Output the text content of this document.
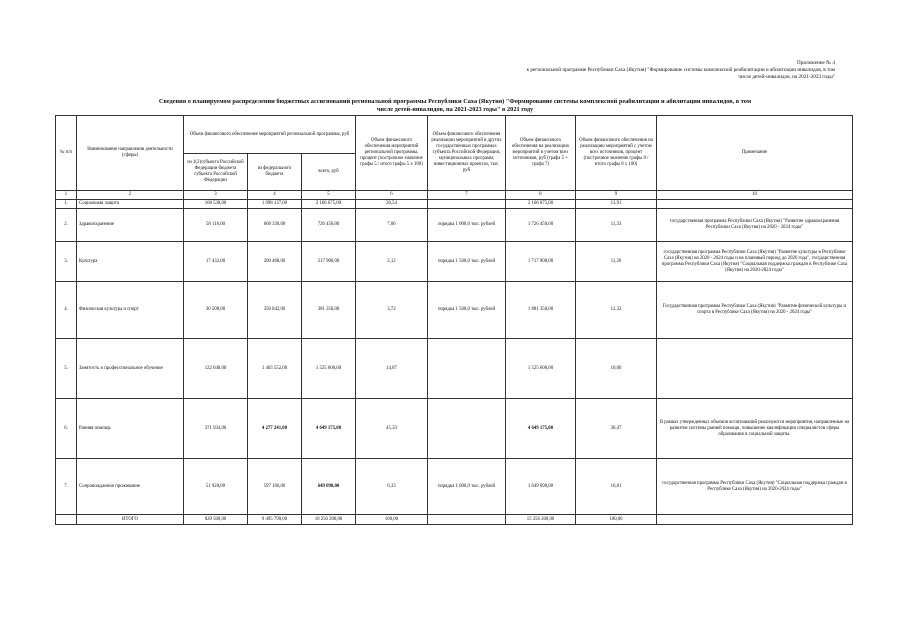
Приложение № 4
к региональной программе Республики Саха (Якутия) "Формирование системы комплексной реабилитации и абилитации инвалидов, в том числе детей-инвалидов, на 2021-2023 годы"
Сведения о планируемом распределении бюджетных ассигнований региональной программы Республики Саха (Якутия) "Формирование системы комплексной реабилитации и абилитации инвалидов, в том числе детей-инвалидов, на 2021-2023 годы" в 2021 году
№ п/п	Наименование направления деятельности (сферы)	Объем финансового обеспечения мероприятий региональной программы, руб			Объем финансового обеспечения мероприятий региональной программы, процент (построчное значение графы 5 / итого графы 5 x 100)	Объем финансового обеспечения реализации мероприятий в других государственных программах субъекта Российской Федерации, муниципальных программ, инвестиционных проектах, тыс. руб	Объем финансового обеспечения на реализацию мероприятий в учетом всех источников, руб (графа 5 + графа 7)	Объем финансового обеспечения на реализацию мероприятий с учетом всех источников, процент (построчное значение графы 8 / итого графы 8 x 100)	Примечание
		из 1(2)субъекта Российской Федерации бюджета субъекта Российской Федерации	из федерального бюджета	всего, руб					
1	2	3	4	5	6	7	8	9	10
1.	Социальная защита	168 538,00	1 998 137,00	2 166 675,00	20,54		2 166 675,00	13,91	
2.	Здравоохранение	58 116,00	668 330,00	726 450,00	7,06	порядка 1 000,0 тыс. рублей	1 726 450,00	11,33	государственная программа Республики Саха (Якутия) "Развитие здравоохранения Республики Саха (Якутия) на 2020 - 2024 годы"
3.	Культура	17 432,00	200 468,00	217 900,00	2,12	порядка 1 500,0 тыс. рублей	1 717 900,00	11,26	государственная программа Республики Саха (Якутия) "Развитие культуры в Республике Саха (Якутия) на 2020 - 2024 годы и на плановый период до 2026 года", государственная программа Республики Саха (Якутия) "Социальная поддержка граждан в Республике Саха (Якутия) на 2020-2024 годы"
4.	Физическая культура и спорт	30 508,00	350 842,00	381 350,00	3,72	порядка 1 500,0 тыс. рублей	1 881 350,00	12,32	Государственная программа Республики Саха (Якутия) "Развитие физической культуры и спорта в Республике Саха (Якутия) на 2020 - 2024 годы"
5.	Занятость и профессиональное обучение	122 048,00	1 403 552,00	1 525 600,00	14,87		1 525 600,00	10,00	
6.	Ранняя помощь	371 934,00	4 277 241,00	4 649 175,00	45,33		4 649 175,00	30,47	В рамках утвержденных объемов ассигнований реализуются мероприятия, направленные на развитие системы ранней помощи, повышение квалификации специалистов сферы образования и социальной защиты.
7.	Сопровождаемое проживание	51 928,00	597 166,00	649 090,00	6,33	порядка 1 000,0 тыс. рублей	1 649 090,00	10,81	государственная программа Республики Саха (Якутия) "Социальная поддержка граждан в Республике Саха (Якутия) на 2020-2024 годы"
	ИТОГО	820 500,00	9 495 790,00	10 256 200,00	100,00		15 256 200,00	100,00	
